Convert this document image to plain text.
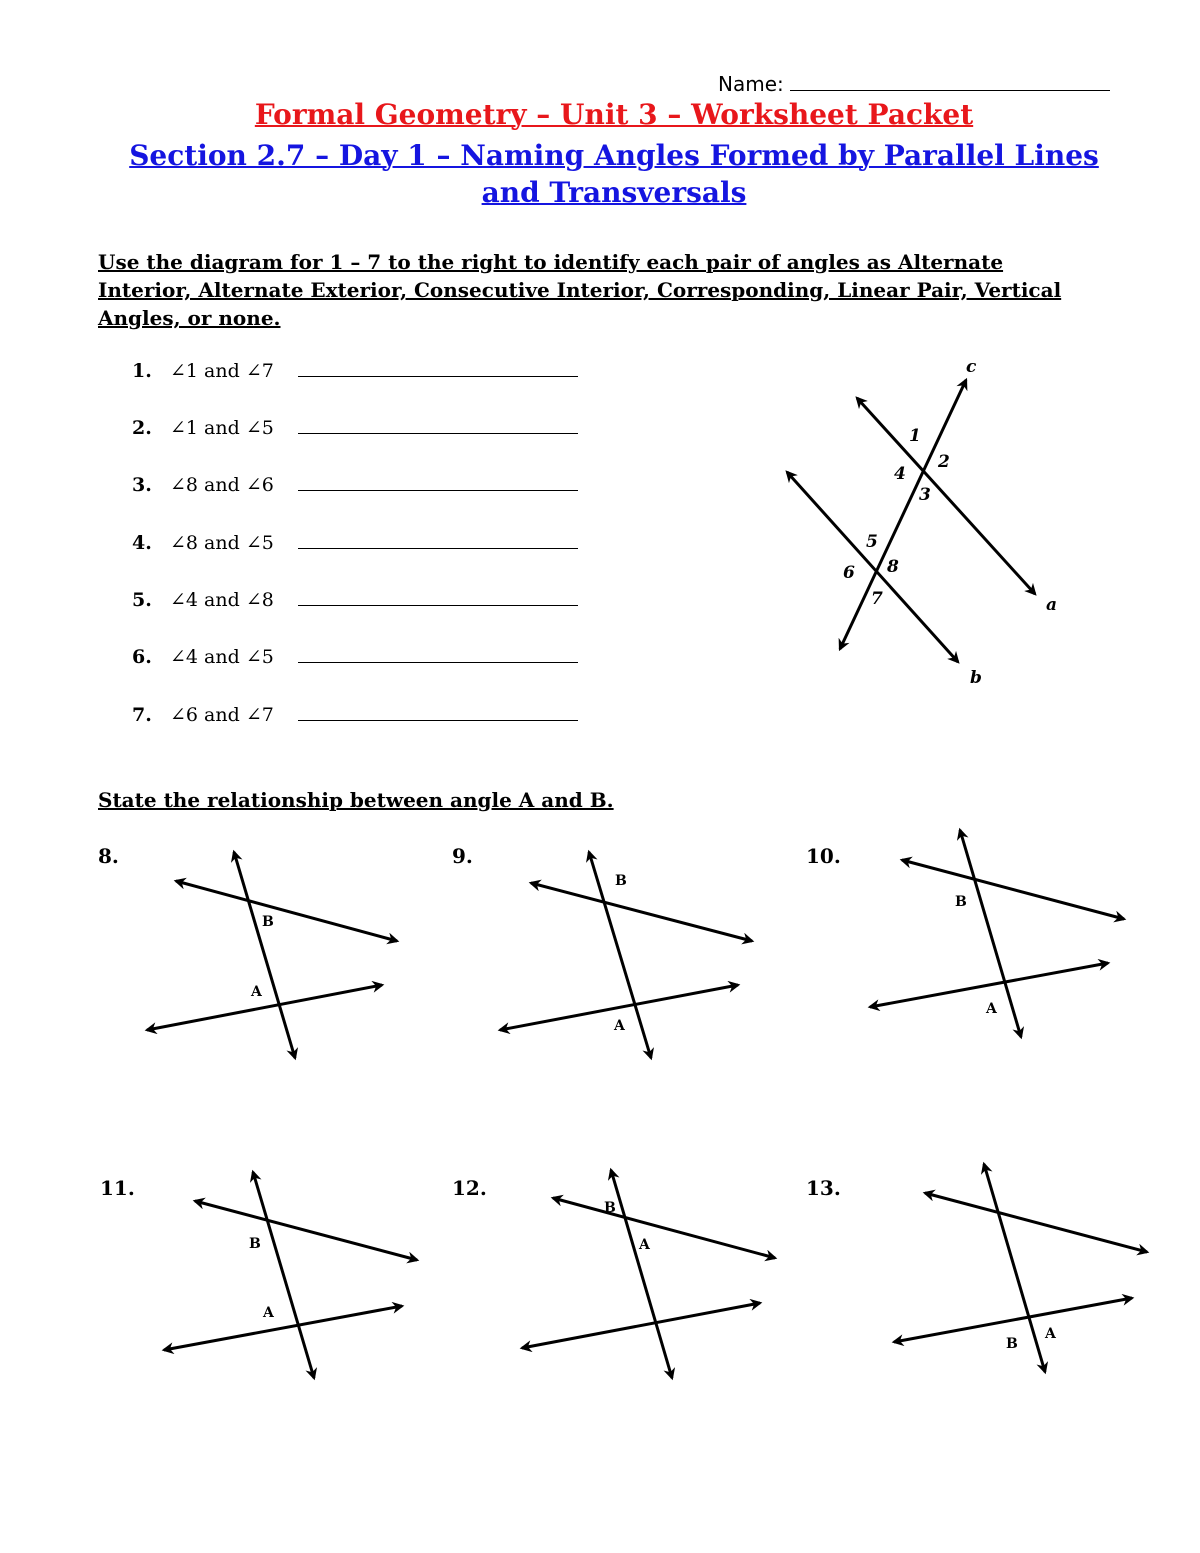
Name:
Formal Geometry – Unit 3 – Worksheet Packet
Section 2.7 – Day 1 – Naming Angles Formed by Parallel Lines and Transversals
Use the diagram for 1 – 7 to the right to identify each pair of angles as Alternate Interior, Alternate Exterior, Consecutive Interior, Corresponding, Linear Pair, Vertical Angles, or none.
1. ∠1 and ∠7
2. ∠1 and ∠5
3. ∠8 and ∠6
4. ∠8 and ∠5
5. ∠4 and ∠8
6. ∠4 and ∠5
7. ∠6 and ∠7
c
a
b
1
2
3
4
5
6
7
8
B
A
B
A
B
A
B
A
B
A
B
A
State the relationship between angle A and B.
8.	9.	10.
11.	12.	13.
